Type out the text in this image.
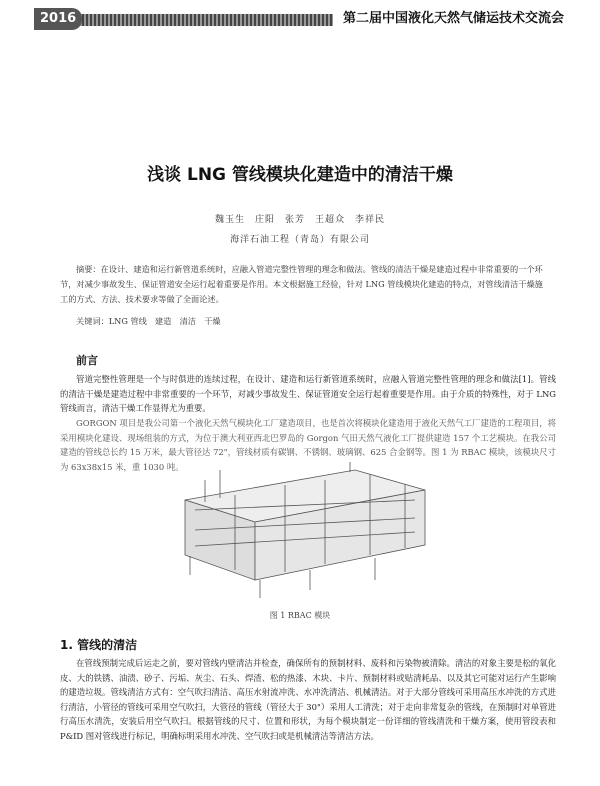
2016	第二届中国液化天然气储运技术交流会
浅谈 LNG 管线模块化建造中的清洁干燥
魏玉生　庄阳　张芳　王超众　李祥民
海洋石油工程（青岛）有限公司
摘要：在设计、建造和运行新管道系统时，应融入管道完整性管理的理念和做法。管线的清洁干燥是建造过程中非常重要的一个环节，对减少事故发生、保证管道安全运行起着重要是作用。本文根据施工经验，针对 LNG 管线模块化建造的特点，对管线清洁干燥施工的方式、方法、技术要求等做了全面论述。
关键词：LNG 管线　建造　清洁　干燥
前言
管道完整性管理是一个与时俱进的连续过程，在设计、建造和运行新管道系统时，应融入管道完整性管理的理念和做法[1]。管线的清洁干燥是建造过程中非常重要的一个环节，对减少事故发生、保证管道安全运行起着重要是作用。由于介质的特殊性，对于 LNG 管线而言，清洁干燥工作显得尤为重要。
GORGON 项目是我公司第一个液化天然气模块化工厂建造项目，也是首次将模块化建造用于液化天然气工厂建造的工程项目，将采用模块化建设、现场组装的方式，为位于澳大利亚西北巴罗岛的 Gorgon 气田天然气液化工厂提供建造 157 个工艺模块。在我公司建造的管线总长约 15 万米，最大管径达 72"，管线材质有碳钢、不锈钢、玻璃钢、625 合金钢等。图 1 为 RBAC 模块，该模块尺寸为 63x38x15 米，重 1030 吨。
图 1 RBAC 模块
1. 管线的清洁
在管线预制完成后运走之前，要对管线内壁清洁并检查，确保所有的预制材料、废料和污染物被清除。清洁的对象主要是松的氧化皮、大的铁锈、油渍、砂子、污垢、灰尘、石头、焊渣、松的热漆、木块、卡片、预制材料或贴清耗品、以及其它可能对运行产生影响的建造垃圾。管线清洁方式有：空气吹扫清洁、高压水射流冲洗、水冲洗清洁、机械清洁。对于大部分管线可采用高压水冲洗的方式进行清洁，小管径的管线可采用空气吹扫，大管径的管线（管径大于 30"）采用人工清洗；对于走向非常复杂的管线，在预制时对单管进行高压水清洗，安装后用空气吹扫。根据管线的尺寸、位置和形状，为每个模块制定一份详细的管线清洗和干燥方案，使用管段表和 P&ID 图对管线进行标记，明确标明采用水冲洗、空气吹扫或是机械清洁等清洁方法。
